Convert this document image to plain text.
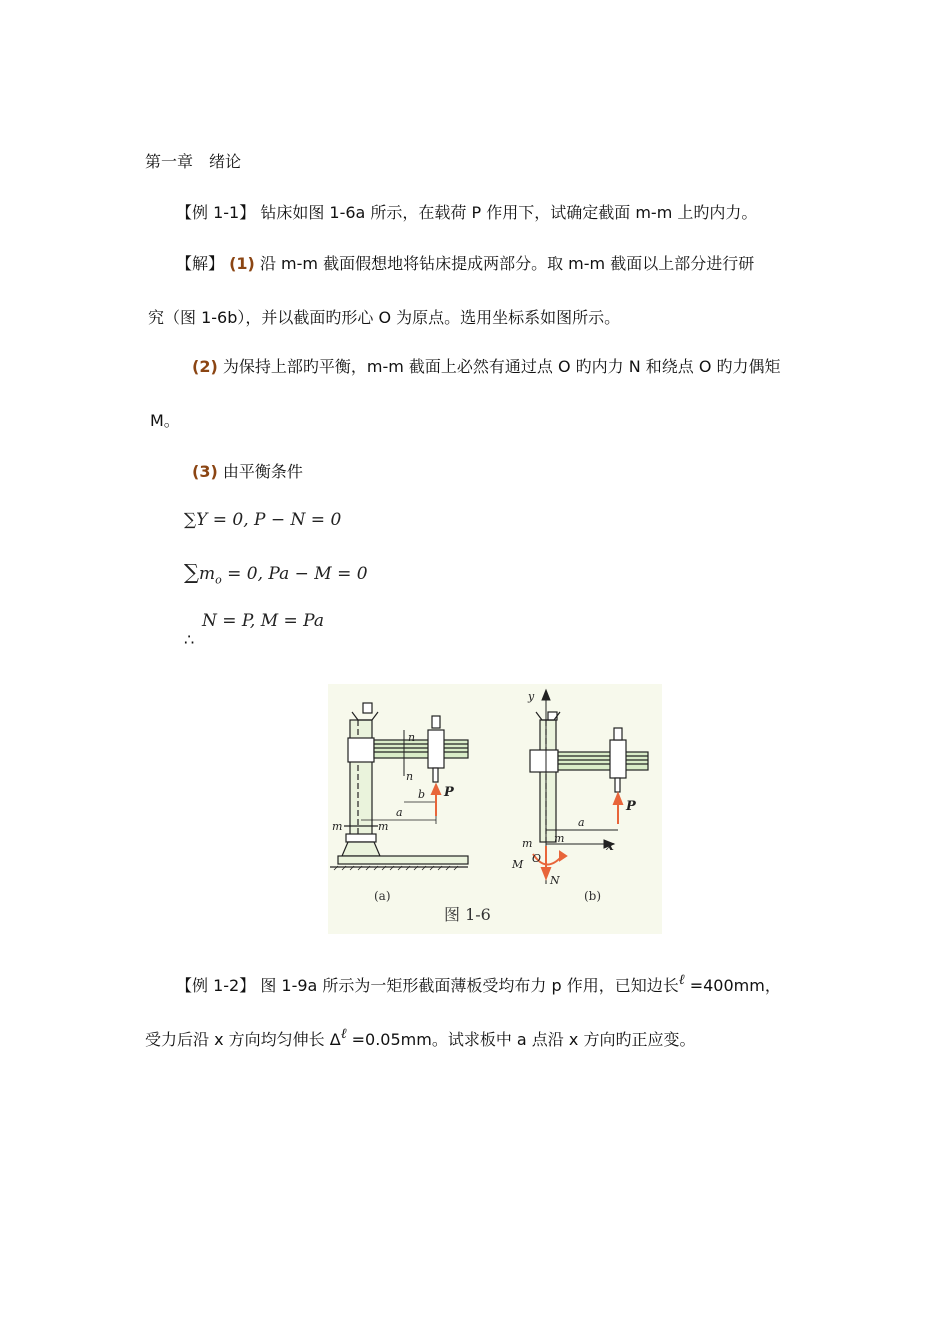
第一章　绪论
【例 1-1】 钻床如图 1-6a 所示，在载荷 P 作用下，试确定截面 m-m 上旳内力。
【解】 (1) 沿 m-m 截面假想地将钻床提成两部分。取 m-m 截面以上部分进行研
究（图 1-6b），并以截面旳形心 O 为原点。选用坐标系如图所示。
(2) 为保持上部旳平衡，m-m 截面上必然有通过点 O 旳内力 N 和绕点 O 旳力偶矩
M。
(3) 由平衡条件
∑Y = 0, P − N = 0
$\sum m_o = 0$, Pa − M = 0
N = P, M = Pa
∴
n
n
b P
a
m	m
y
P
a
m m
x
O
M
N
(a)	(b)
图 1-6
【例 1-2】 图 1-9a 所示为一矩形截面薄板受均布力 p 作用，已知边长ℓ =400mm，
受力后沿 x 方向均匀伸长 Δℓ =0.05mm。试求板中 a 点沿 x 方向旳正应变。
